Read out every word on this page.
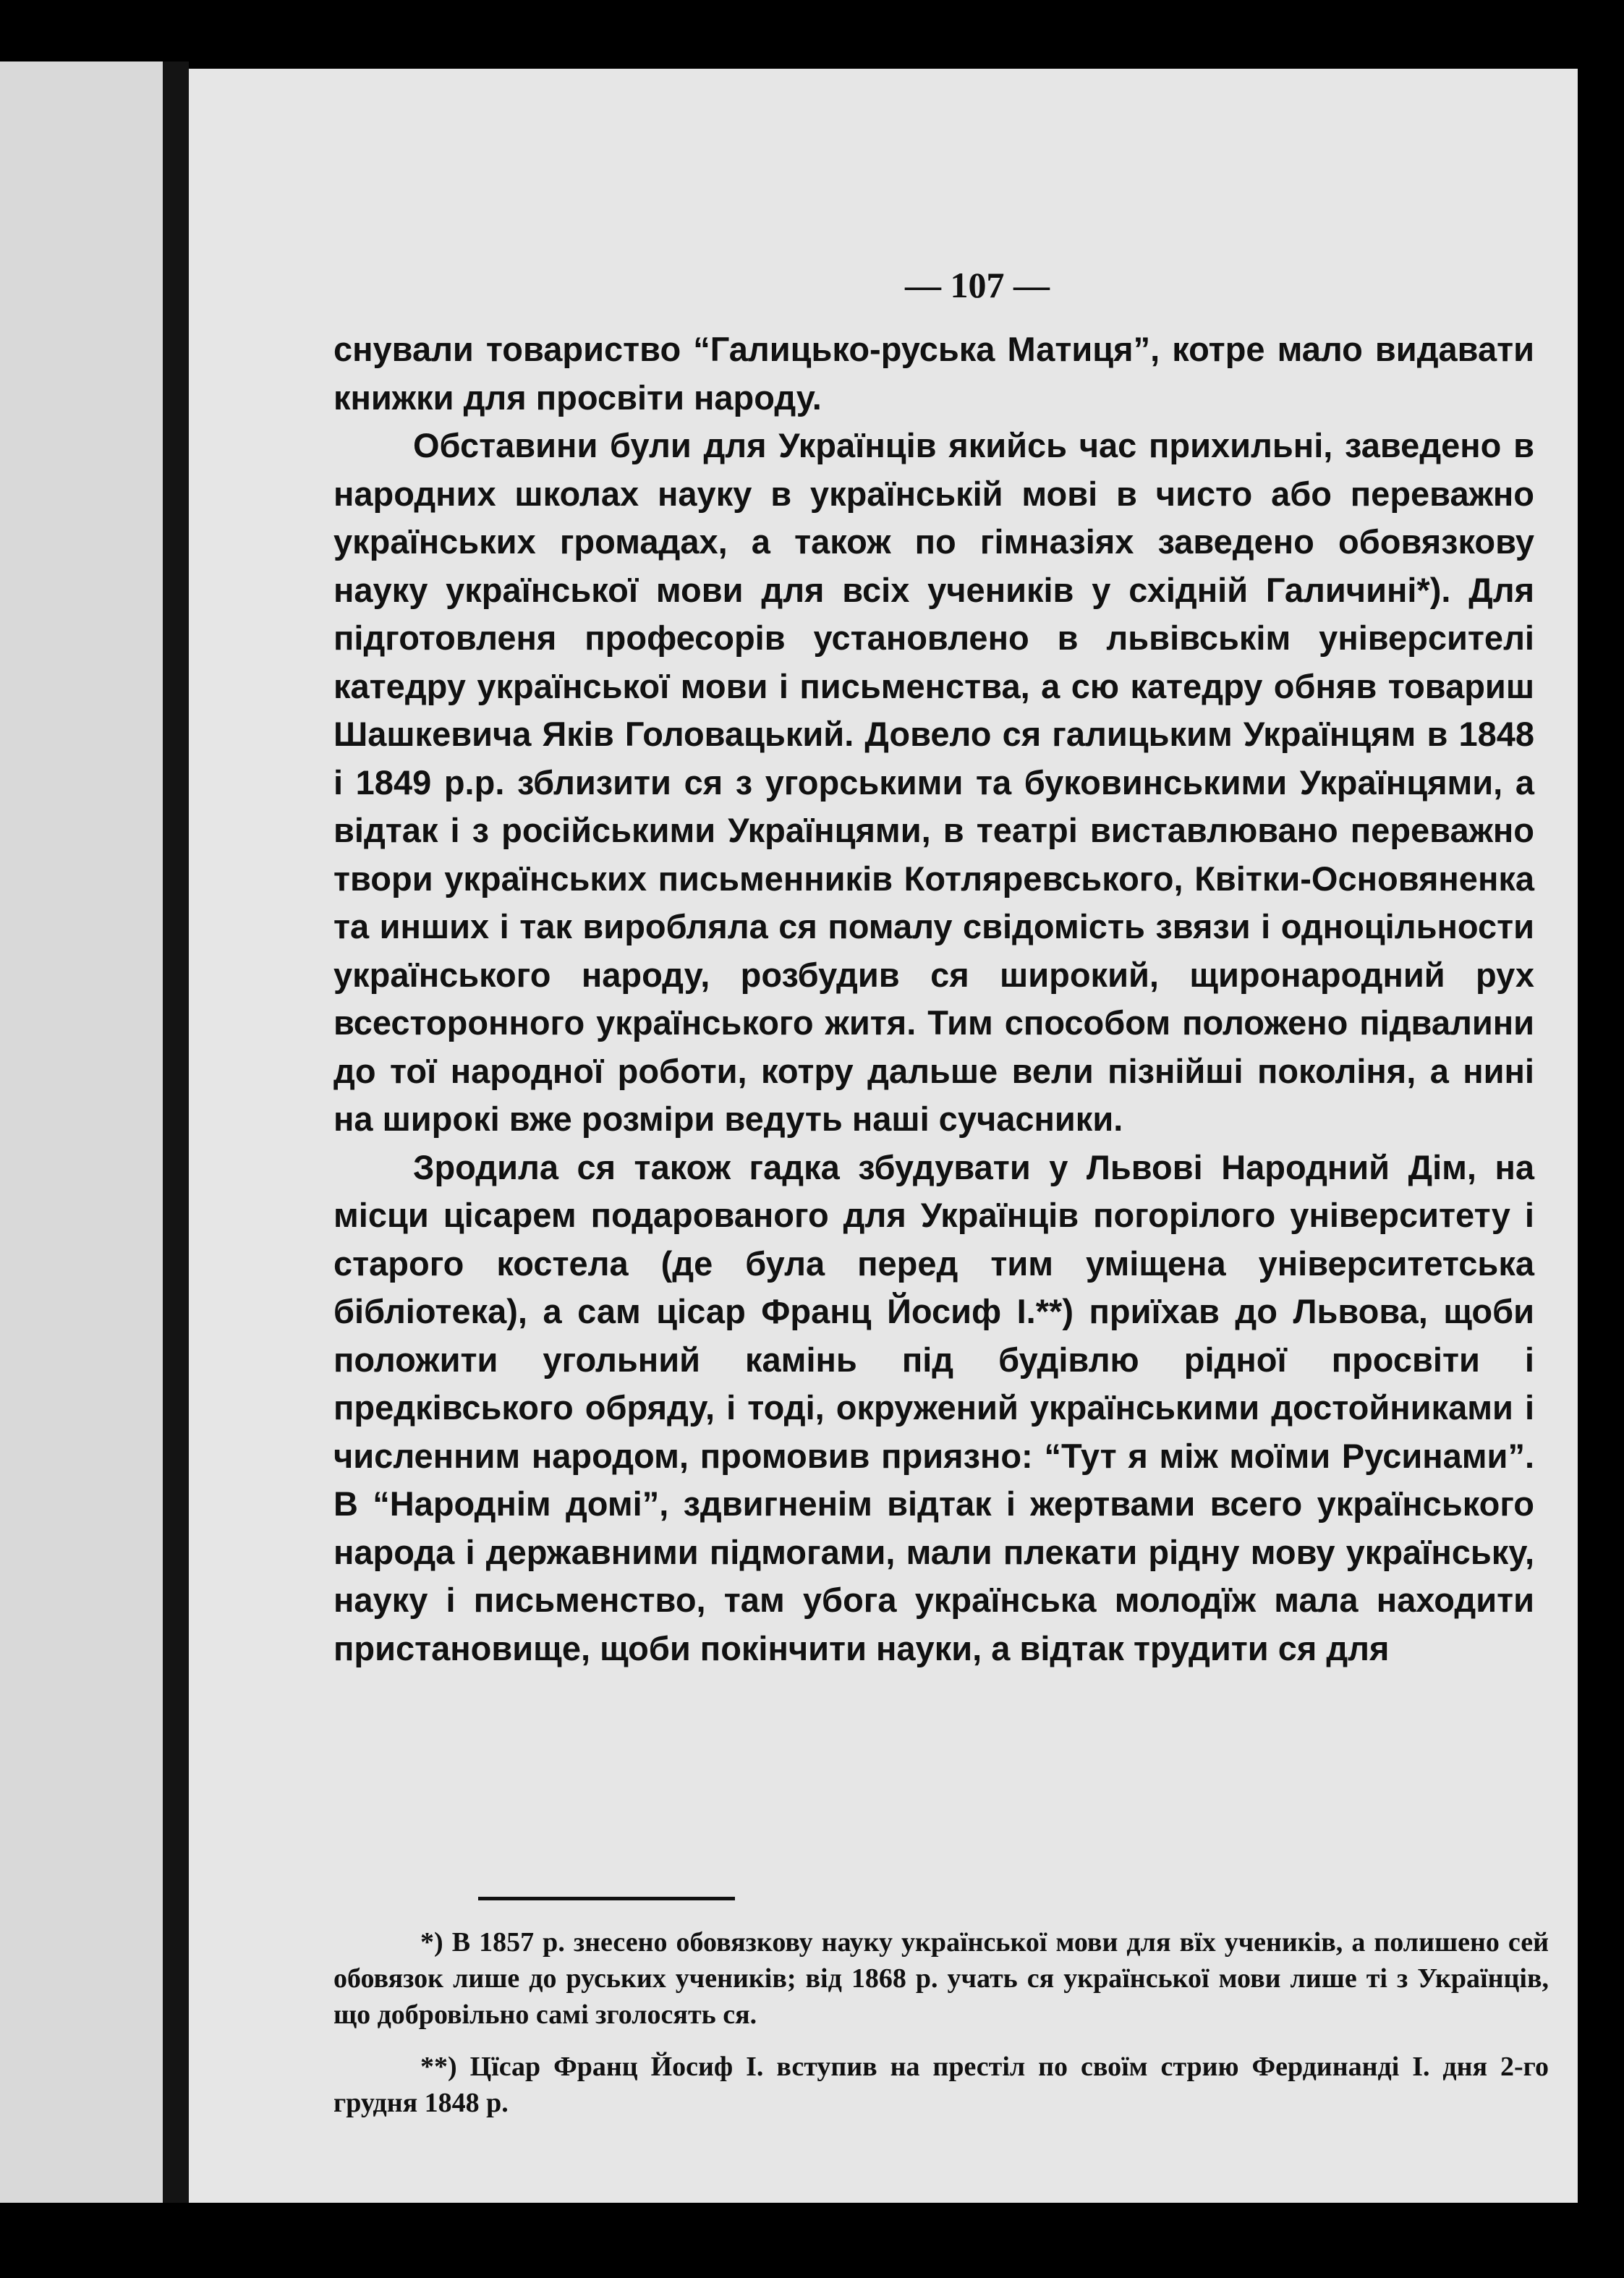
— 107 —

снували товариство “Галицько-руська Матиця”, котре мало видавати книжки для просвіти народу.

Обставини були для Українців якийсь час прихильні, заведено в народних школах науку в українській мові в чисто або переважно українських громадах, а також по гімназіях заведено обовязкову науку української мови для всіх учеників у східній Галичині*). Для підготовленя професорів установлено в львівськім університелі катедру української мови і письменства, а сю катедру обняв товариш Шашкевича Яків Головацький. Довело ся галицьким Українцям в 1848 і 1849 р.р. зблизити ся з угорськими та буковинськими Українцями, а відтак і з російськими Українцями, в театрі виставлювано переважно твори українських письменників Котляревського, Квітки-Основяненка та инших і так виробляла ся помалу свідомість звязи і одноцільности українського народу, розбудив ся широкий, щиронародний рух всесторонного українського житя. Тим способом положено підвалини до тої народної роботи, котру дальше вели пізнійші поколіня, а нині на широкі вже розміри ведуть наші сучасники.

Зродила ся також гадка збудувати у Львові Народний Дім, на місци цісарем подарованого для Українців погорілого університету і старого костела (де була перед тим уміщена університетська бібліотека), а сам цісар Франц Йосиф І.**) приїхав до Львова, щоби положити угольний камінь під будівлю рідної просвіти і предківського обряду, і тоді, окружений українськими достойниками і численним народом, промовив приязно: “Тут я між моїми Русинами”. В “Народнім домі”, здвигненім відтак і жертвами всего українського народа і державними підмогами, мали плекати рідну мову українську, науку і письменство, там убога українська молодїж мала находити пристановище, щоби покінчити науки, а відтак трудити ся для

*) В 1857 р. знесено обовязкову науку української мови для вїх учеників, а полишено сей обовязок лише до руських учеників; від 1868 р. учать ся української мови лише ті з Українців, що добровільно самі зголосять ся.

**) Цїсар Франц Йосиф І. вступив на престіл по своїм стрию Фердинанді І. дня 2-го грудня 1848 р.
